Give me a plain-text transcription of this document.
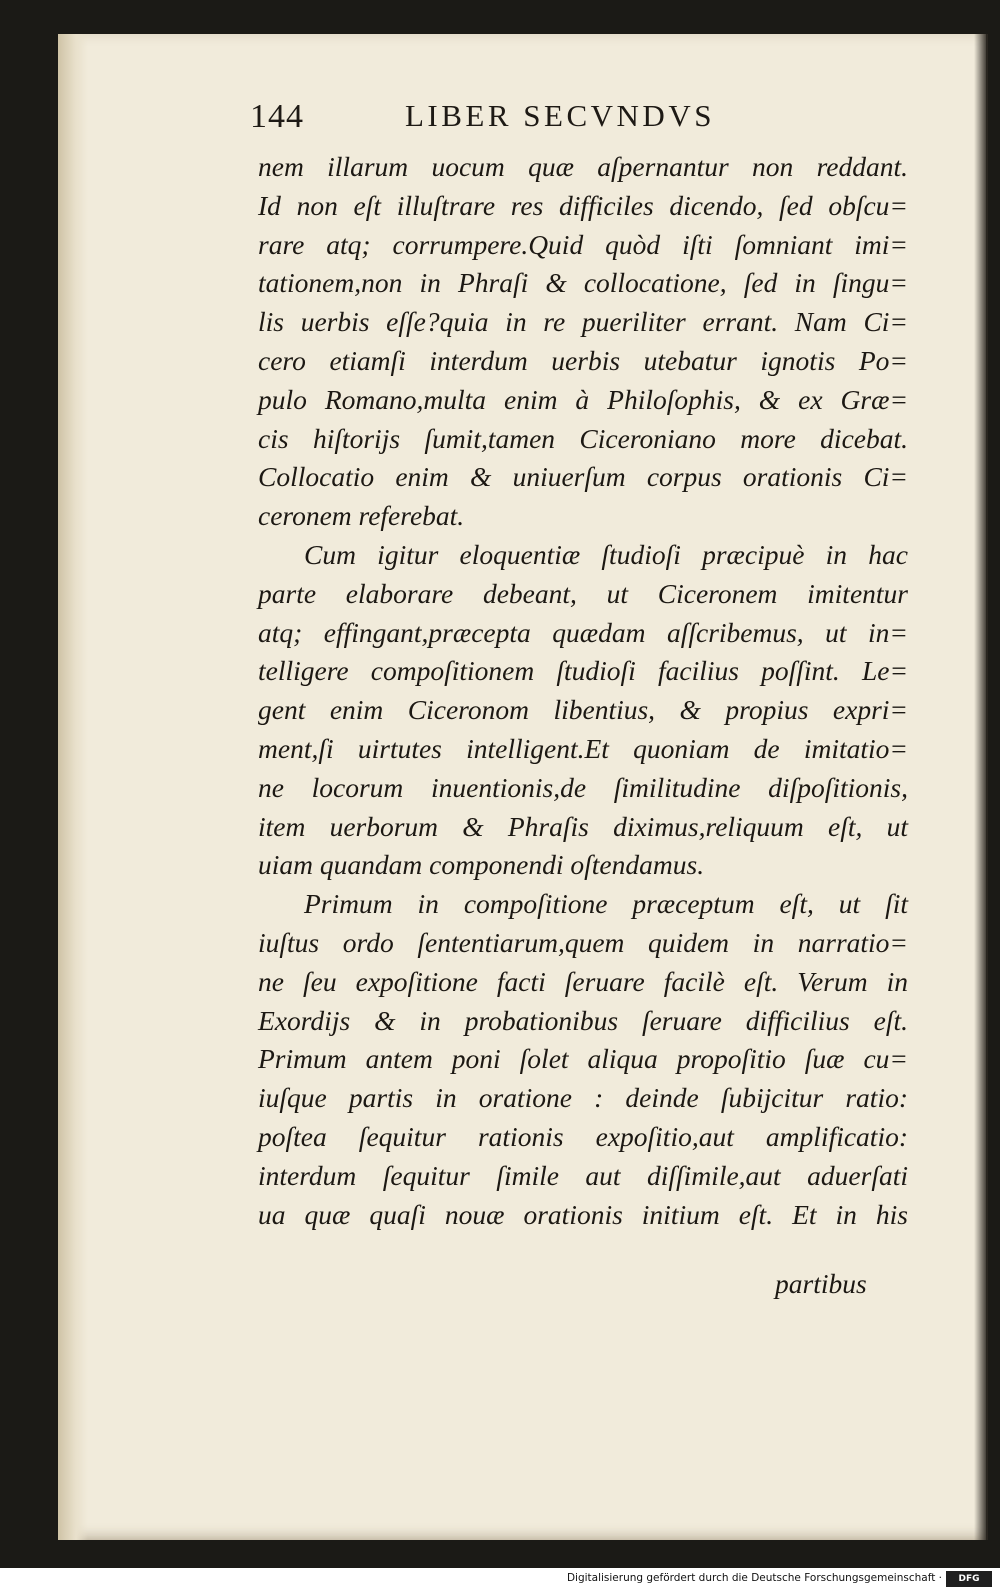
144	LIBER SECVNDVS
nem illarum uocum quæ aſpernantur non reddant.
Id non eſt illuſtrare res difficiles dicendo, ſed obſcu=
rare atq; corrumpere.Quid quòd iſti ſomniant imi=
tationem,non in Phraſi & collocatione, ſed in ſingu=
lis uerbis eſſe?quia in re pueriliter errant. Nam Ci=
cero etiamſi interdum uerbis utebatur ignotis Po=
pulo Romano,multa enim à Philoſophis, & ex Græ=
cis hiſtorijs ſumit,tamen Ciceroniano more dicebat.
Collocatio enim & uniuerſum corpus orationis Ci=
ceronem referebat.
Cum igitur eloquentiæ ſtudioſi præcipuè in hac
parte elaborare debeant, ut Ciceronem imitentur
atq; effingant,præcepta quædam aſſcribemus, ut in=
telligere compoſitionem ſtudioſi facilius poſſint. Le=
gent enim Ciceronom libentius, & propius expri=
ment,ſi uirtutes intelligent.Et quoniam de imitatio=
ne locorum inuentionis,de ſimilitudine diſpoſitionis,
item uerborum & Phraſis diximus,reliquum eſt, ut
uiam quandam componendi oſtendamus.
Primum in compoſitione præceptum eſt, ut ſit
iuſtus ordo ſententiarum,quem quidem in narratio=
ne ſeu expoſitione facti ſeruare facilè eſt. Verum in
Exordijs & in probationibus ſeruare difficilius eſt.
Primum antem poni ſolet aliqua propoſitio ſuæ cu=
iuſque partis in oratione : deinde ſubijcitur ratio:
poſtea ſequitur rationis expoſitio,aut amplificatio:
interdum ſequitur ſimile aut diſſimile,aut aduerſati
ua quæ quaſi nouæ orationis initium eſt. Et in his
partibus
Digitalisierung gefördert durch die Deutsche Forschungsgemeinschaft ·	DFG
